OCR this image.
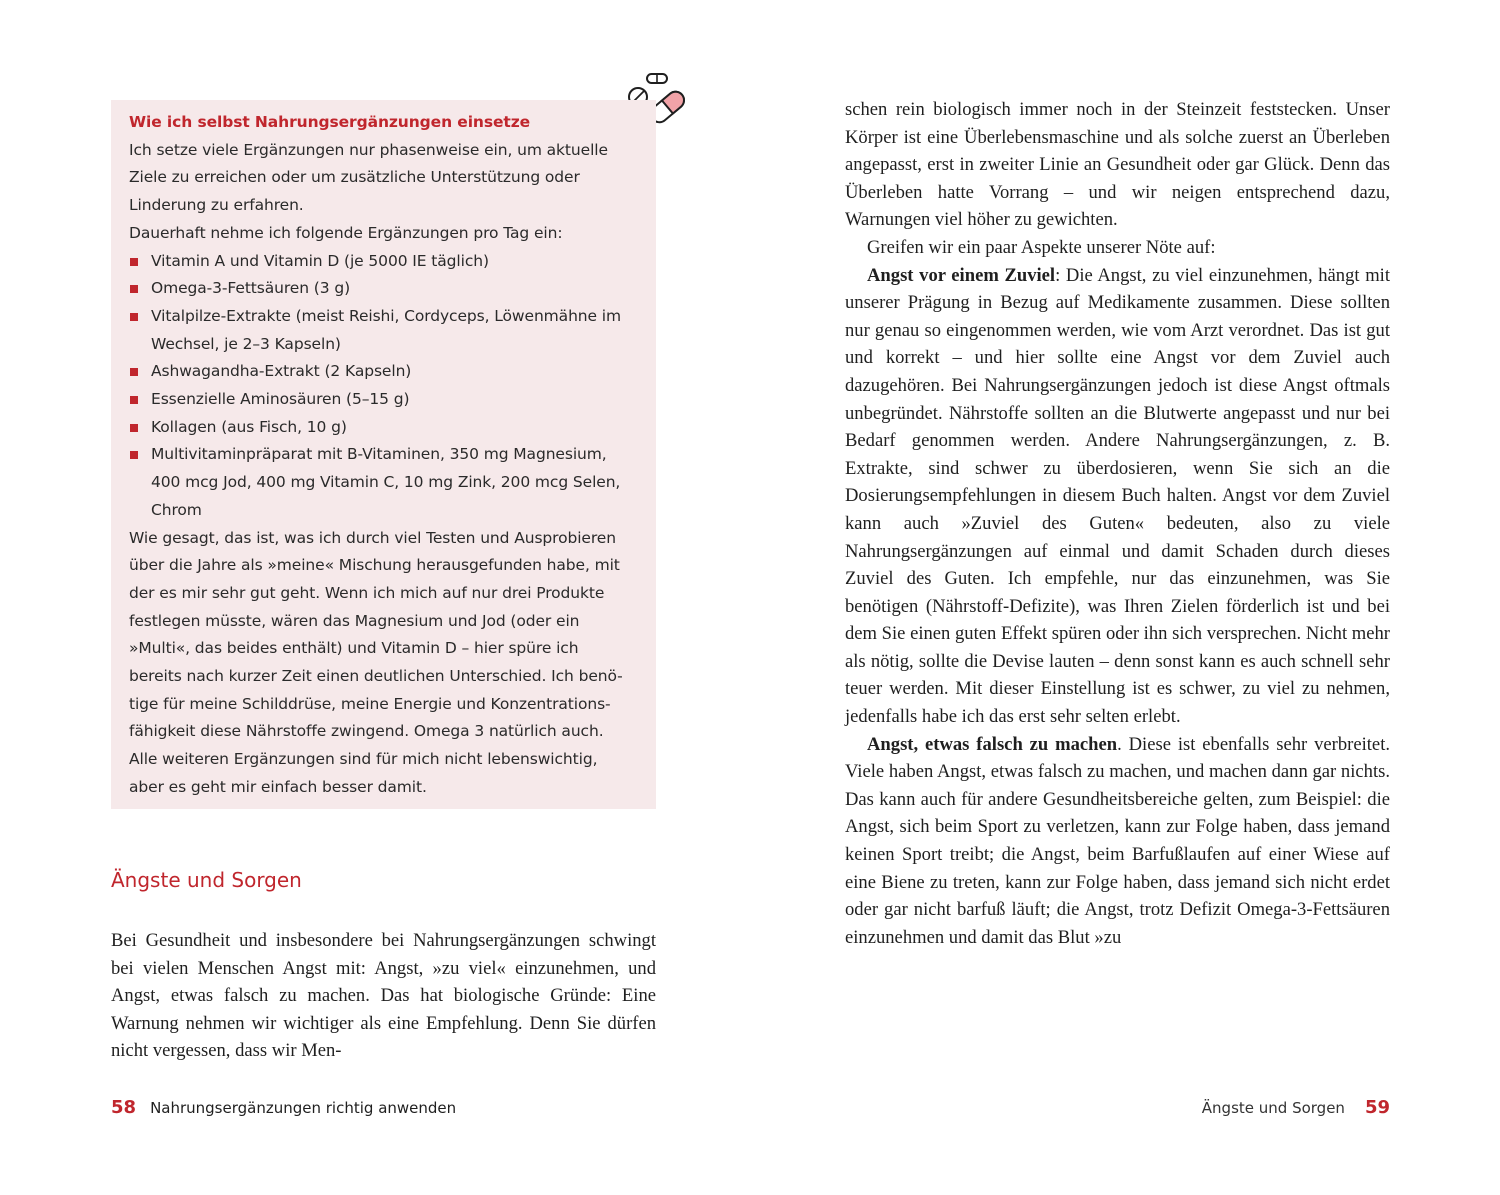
Wie ich selbst Nahrungsergänzungen einsetze

Ich setze viele Ergänzungen nur phasenweise ein, um aktuelle

Ziele zu erreichen oder um zusätzliche Unterstützung oder

Linderung zu erfahren.

Dauerhaft nehme ich folgende Ergänzungen pro Tag ein:

Vitamin A und Vitamin D (je 5000 IE täglich)
Omega-3-Fettsäuren (3 g)
Vitalpilze-Extrakte (meist Reishi, Cordyceps, Löwenmähne im
Wechsel, je 2–3 Kapseln)
Ashwagandha-Extrakt (2 Kapseln)
Essenzielle Aminosäuren (5–15 g)
Kollagen (aus Fisch, 10 g)
Multivitaminpräparat mit B-Vitaminen, 350 mg Magnesium,
400 mcg Jod, 400 mg Vitamin C, 10 mg Zink, 200 mcg Selen,
Chrom

Wie gesagt, das ist, was ich durch viel Testen und Ausprobieren

über die Jahre als »meine« Mischung herausgefunden habe, mit

der es mir sehr gut geht. Wenn ich mich auf nur drei Produkte

festlegen müsste, wären das Magnesium und Jod (oder ein

»Multi«, das beides enthält) und Vitamin D – hier spüre ich

bereits nach kurzer Zeit einen deutlichen Unterschied. Ich benö-

tige für meine Schilddrüse, meine Energie und Konzentrations-

fähigkeit diese Nährstoffe zwingend. Omega 3 natürlich auch.

Alle weiteren Ergänzungen sind für mich nicht lebenswichtig,

aber es geht mir einfach besser damit.

Ängste und Sorgen

Bei Gesundheit und insbesondere bei Nahrungsergänzungen schwingt bei vielen Menschen Angst mit: Angst, »zu viel« einzunehmen, und Angst, etwas falsch zu machen. Das hat biologische Gründe: Eine Warnung nehmen wir wichtiger als eine Empfehlung. Denn Sie dürfen nicht vergessen, dass wir Men-

58 Nahrungsergänzungen richtig anwenden

schen rein biologisch immer noch in der Steinzeit feststecken. Unser Körper ist eine Überlebensmaschine und als solche zuerst an Überleben angepasst, erst in zweiter Linie an Gesundheit oder gar Glück. Denn das Überleben hatte Vorrang – und wir neigen entsprechend dazu, Warnungen viel höher zu gewichten.

Greifen wir ein paar Aspekte unserer Nöte auf:

Angst vor einem Zuviel: Die Angst, zu viel einzunehmen, hängt mit unserer Prägung in Bezug auf Medikamente zusammen. Diese sollten nur genau so eingenommen werden, wie vom Arzt verordnet. Das ist gut und korrekt – und hier sollte eine Angst vor dem Zuviel auch dazugehören. Bei Nahrungsergänzungen jedoch ist diese Angst oftmals unbegründet. Nährstoffe sollten an die Blutwerte angepasst und nur bei Bedarf genommen werden. Andere Nahrungsergänzungen, z. B. Extrakte, sind schwer zu überdosieren, wenn Sie sich an die Dosierungsempfehlungen in diesem Buch halten. Angst vor dem Zuviel kann auch »Zuviel des Guten« bedeuten, also zu viele Nahrungsergänzungen auf einmal und damit Schaden durch dieses Zuviel des Guten. Ich empfehle, nur das einzunehmen, was Sie benötigen (Nährstoff-Defizite), was Ihren Zielen förderlich ist und bei dem Sie einen guten Effekt spüren oder ihn sich versprechen. Nicht mehr als nötig, sollte die Devise lauten – denn sonst kann es auch schnell sehr teuer werden. Mit dieser Einstellung ist es schwer, zu viel zu nehmen, jedenfalls habe ich das erst sehr selten erlebt.

Angst, etwas falsch zu machen. Diese ist ebenfalls sehr verbreitet. Viele haben Angst, etwas falsch zu machen, und machen dann gar nichts. Das kann auch für andere Gesundheitsbereiche gelten, zum Beispiel: die Angst, sich beim Sport zu verletzen, kann zur Folge haben, dass jemand keinen Sport treibt; die Angst, beim Barfußlaufen auf einer Wiese auf eine Biene zu treten, kann zur Folge haben, dass jemand sich nicht erdet oder gar nicht barfuß läuft; die Angst, trotz Defizit Omega-3-Fettsäuren einzunehmen und damit das Blut »zu

Ängste und Sorgen 59
